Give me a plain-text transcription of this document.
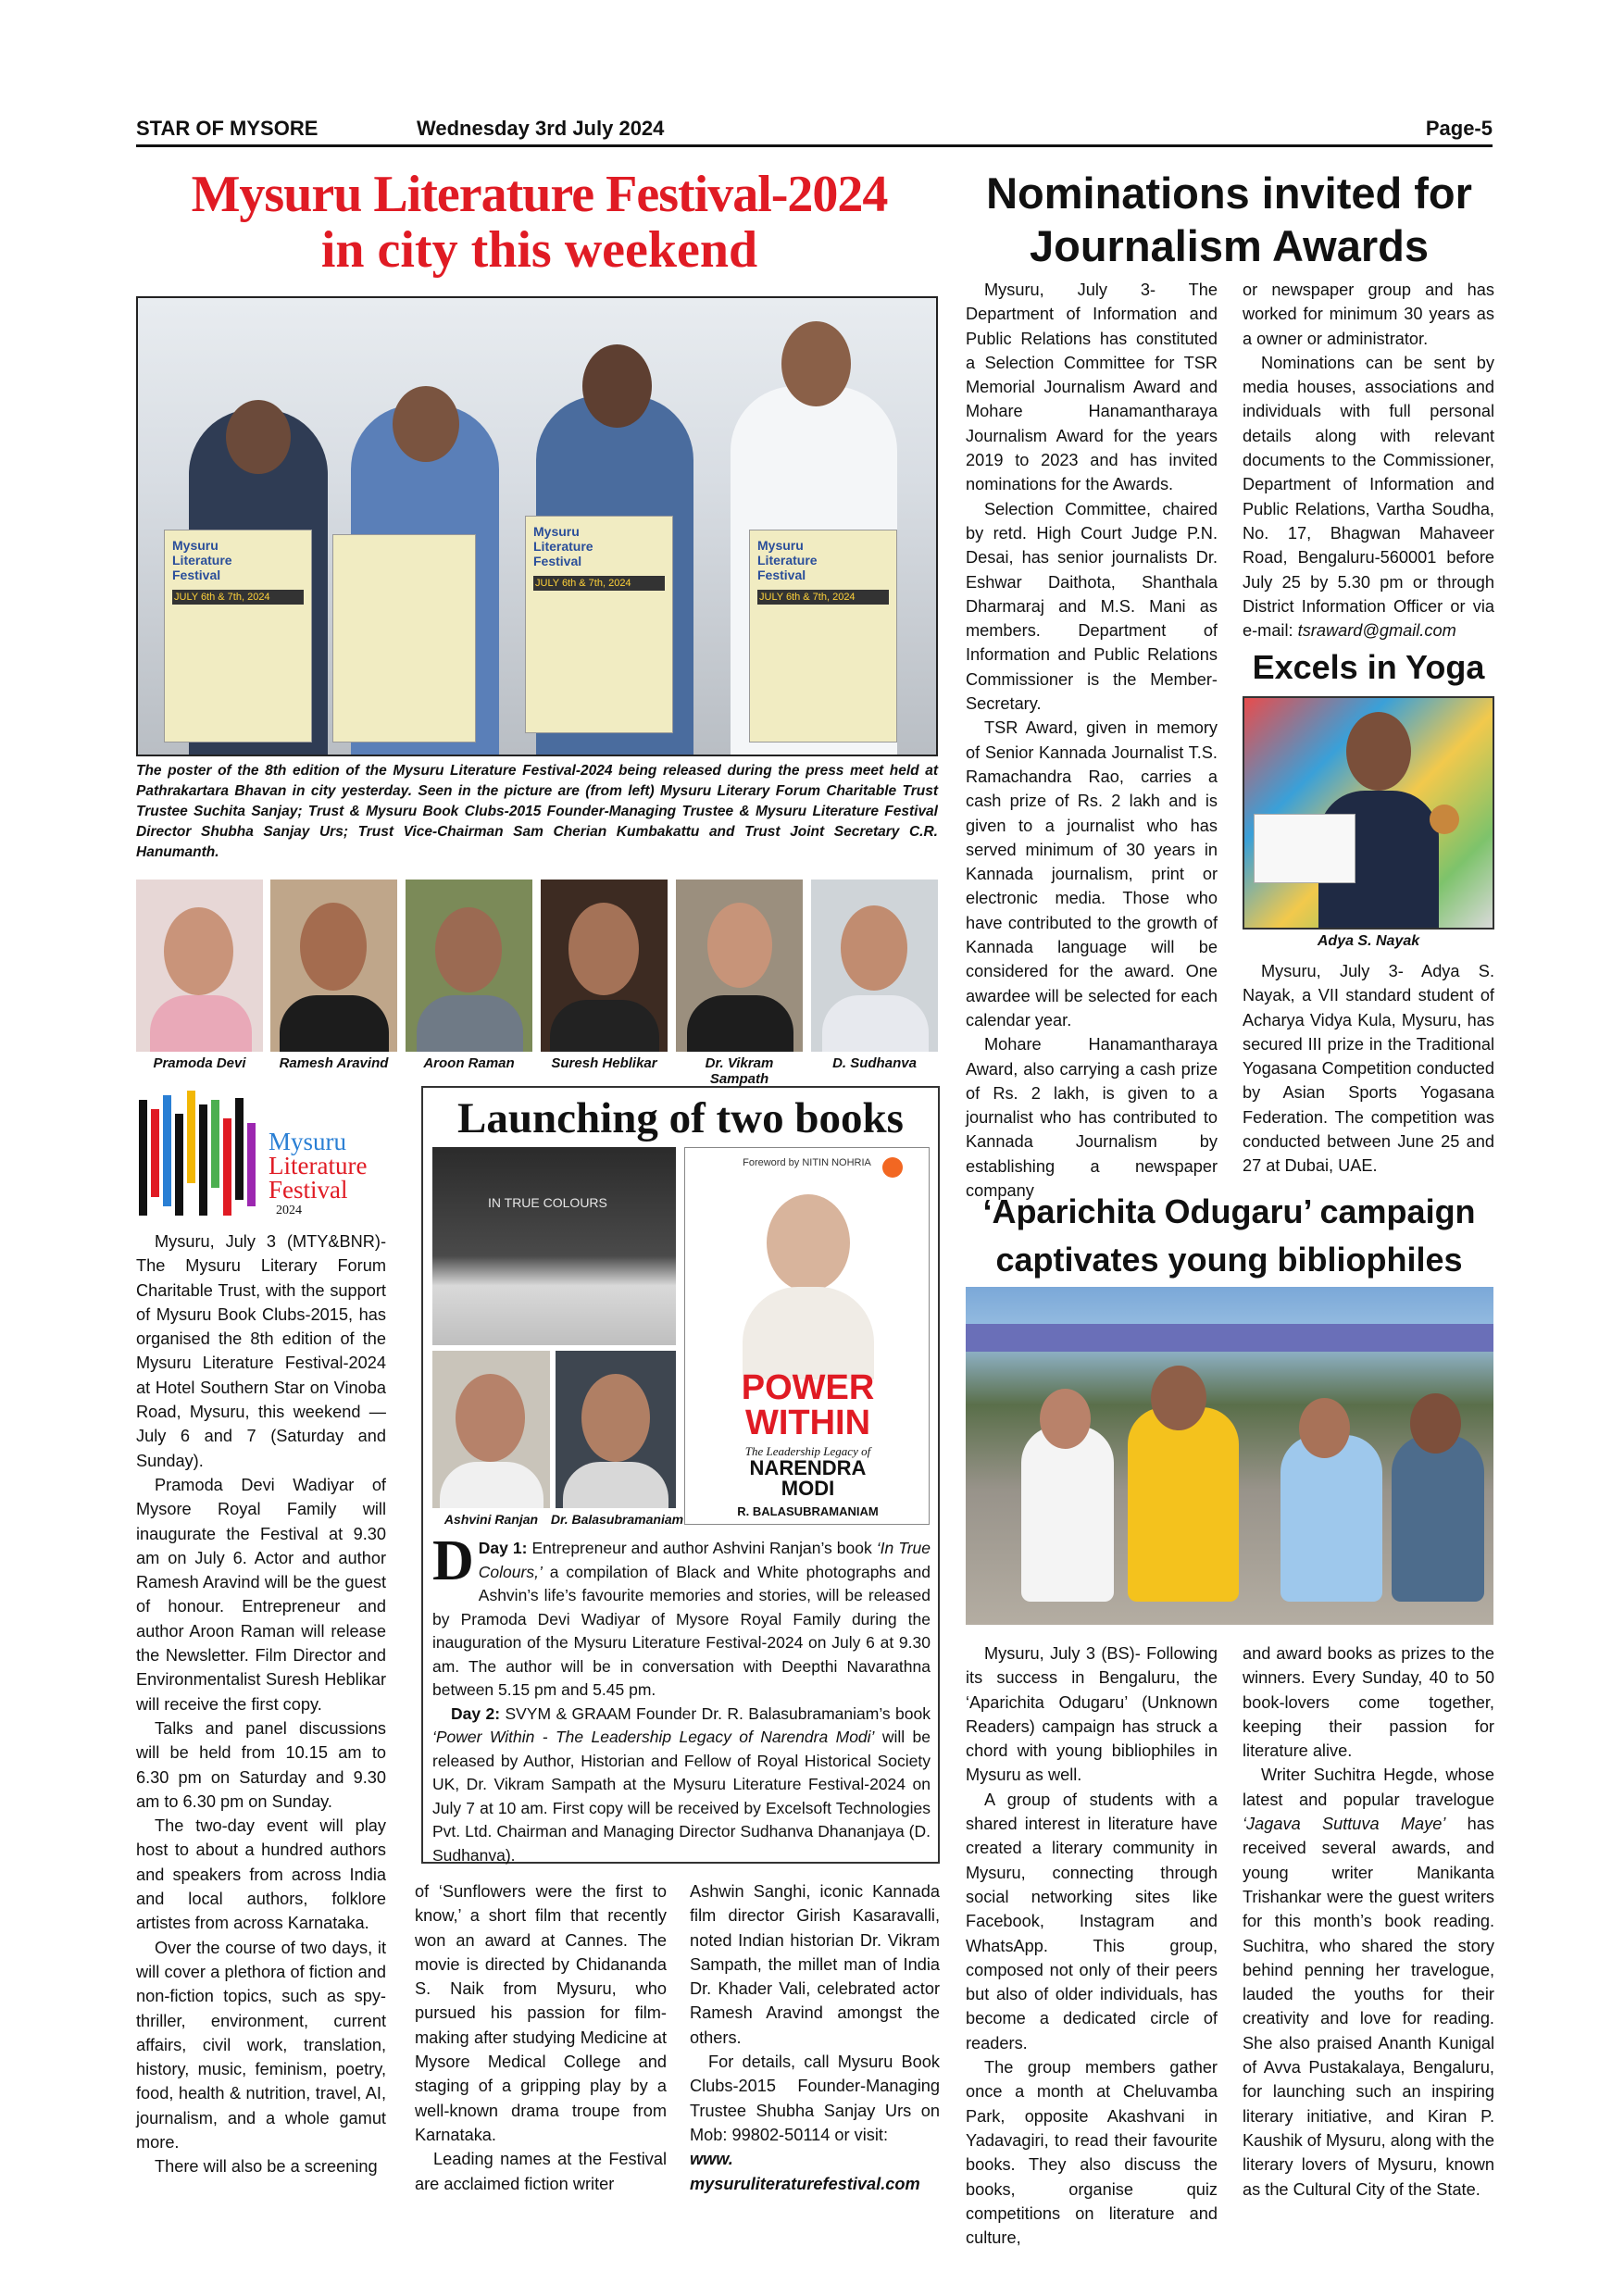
STAR OF MYSORE	Wednesday 3rd July 2024	Page-5
Mysuru Literature Festival-2024
in city this weekend
Mysuru
Literature
Festival
JULY 6th & 7th, 2024
Mysuru
Literature
Festival
JULY 6th & 7th, 2024
Mysuru
Literature
Festival
JULY 6th & 7th, 2024
The poster of the 8th edition of the Mysuru Literature Festival-2024 being released during the press meet held at Pathrakartara Bhavan in city yesterday. Seen in the picture are (from left) Mysuru Literary Forum Charitable Trust Trustee Suchita Sanjay; Trust & Mysuru Book Clubs-2015 Founder-Managing Trustee & Mysuru Literature Festival Director Shubha Sanjay Urs; Trust Vice-Chairman Sam Cherian Kumbakattu and Trust Joint Secretary C.R. Hanumanth.
Pramoda Devi	Ramesh Aravind	Aroon Raman	Suresh Heblikar	Dr. Vikram Sampath
D. Sudhanva
Mysuru
Literature
Festival
2024

Mysuru, July 3 (MTY&BNR)- The Mysuru Literary Forum Charitable Trust, with the support of Mysuru Book Clubs-2015, has organised the 8th edition of the Mysuru Literature Festival-2024 at Hotel Southern Star on Vinoba Road, Mysuru, this weekend — July 6 and 7 (Saturday and Sunday).

Pramoda Devi Wadiyar of Mysore Royal Family will inaugurate the Festival at 9.30 am on July 6. Actor and author Ramesh Aravind will be the guest of honour. Entrepreneur and author Aroon Raman will release the Newsletter. Film Director and Environmentalist Suresh Heblikar will receive the first copy.

Talks and panel discussions will be held from 10.15 am to 6.30 pm on Saturday and 9.30 am to 6.30 pm on Sunday.

The two-day event will play host to about a hundred authors and speakers from across India and local authors, folklore artistes from across Karnataka.

Over the course of two days, it will cover a plethora of fiction and non-fiction topics, such as spy-thriller, environment, current affairs, civil work, translation, history, music, feminism, poetry, food, health & nutrition, travel, AI, journalism, and a whole gamut more.

There will also be a screening

Launching of two books
IN TRUE COLOURS
Ashvini Ranjan Dr. Balasubramaniam
Foreword by NITIN NOHRIA
POWER
WITHIN
The Leadership Legacy of
NARENDRA
MODI
R. BALASUBRAMANIAM

D Day 1: Entrepreneur and author Ashvini Ranjan’s book ‘In True Colours,’ a compilation of Black and White photographs and Ashvin’s life’s favourite memories and stories, will be released by Pramoda Devi Wadiyar of Mysore Royal Family during the inauguration of the Mysuru Literature Festival-2024 on July 6 at 9.30 am. The author will be in conversation with Deepthi Navarathna between 5.15 pm and 5.45 pm.

Day 2: SVYM & GRAAM Founder Dr. R. Balasubramaniam’s book ‘Power Within - The Leadership Legacy of Narendra Modi’ will be released by Author, Historian and Fellow of Royal Historical Society UK, Dr. Vikram Sampath at the Mysuru Literature Festival-2024 on July 7 at 10 am. First copy will be received by Excelsoft Technologies Pvt. Ltd. Chairman and Managing Director Sudhanva Dhananjaya (D. Sudhanva).

of ‘Sunflowers were the first to know,’ a short film that recently won an award at Cannes. The movie is directed by Chidananda S. Naik from Mysuru, who pursued his passion for film-making after studying Medicine at Mysore Medical College and staging of a gripping play by a well-known drama troupe from Karnataka.

Leading names at the Festival are acclaimed fiction writer

Ashwin Sanghi, iconic Kannada film director Girish Kasaravalli, noted Indian historian Dr. Vikram Sampath, the millet man of India Dr. Khader Vali, celebrated actor Ramesh Aravind amongst the others.

For details, call Mysuru Book Clubs-2015 Founder-Managing Trustee Shubha Sanjay Urs on Mob: 99802-50114 or visit:

www. mysuruliteraturefestival.com

Nominations invited for
Journalism Awards

Mysuru, July 3- The Department of Information and Public Relations has constituted a Selection Committee for TSR Memorial Journalism Award and Mohare Hanamantharaya Journalism Award for the years 2019 to 2023 and has invited nominations for the Awards.

Selection Committee, chaired by retd. High Court Judge P.N. Desai, has senior journalists Dr. Eshwar Daithota, Shanthala Dharmaraj and M.S. Mani as members. Department of Information and Public Relations Commissioner is the Member-Secretary.

TSR Award, given in memory of Senior Kannada Journalist T.S. Ramachandra Rao, carries a cash prize of Rs. 2 lakh and is given to a journalist who has served minimum of 30 years in Kannada journalism, print or electronic media. Those who have contributed to the growth of Kannada language will be considered for the award. One awardee will be selected for each calendar year.

Mohare Hanamantharaya Award, also carrying a cash prize of Rs. 2 lakh, is given to a journalist who has contributed to Kannada Journalism by establishing a newspaper company

or newspaper group and has worked for minimum 30 years as a owner or administrator.

Nominations can be sent by media houses, associations and individuals with full personal details along with relevant documents to the Commissioner, Department of Information and Public Relations, Vartha Soudha, No. 17, Bhagwan Mahaveer Road, Bengaluru-560001 before July 25 by 5.30 pm or through District Information Officer or via e-mail: tsraward@gmail.com

Excels in Yoga
Adya S. Nayak
Mysuru, July 3- Adya S. Nayak, a VII standard student of Acharya Vidya Kula, Mysuru, has secured III prize in the Traditional Yogasana Competition conducted by Asian Sports Yogasana Federation. The competition was conducted between June 25 and 27 at Dubai, UAE.
‘Aparichita Odugaru’ campaign
captivates young bibliophiles

Mysuru, July 3 (BS)- Following its success in Bengaluru, the ‘Aparichita Odugaru’ (Unknown Readers) campaign has struck a chord with young bibliophiles in Mysuru as well.

A group of students with a shared interest in literature have created a literary community in Mysuru, connecting through social networking sites like Facebook, Instagram and WhatsApp. This group, composed not only of their peers but also of older individuals, has become a dedicated circle of readers.

The group members gather once a month at Cheluvamba Park, opposite Akashvani in Yadavagiri, to read their favourite books. They also discuss the books, organise quiz competitions on literature and culture,

and award books as prizes to the winners. Every Sunday, 40 to 50 book-lovers come together, keeping their passion for literature alive.

Writer Suchitra Hegde, whose latest and popular travelogue ‘Jagava Suttuva Maye’ has received several awards, and young writer Manikanta Trishankar were the guest writers for this month’s book reading. Suchitra, who shared the story behind penning her travelogue, lauded the youths for their creativity and love for reading. She also praised Ananth Kunigal of Avva Pustakalaya, Bengaluru, for launching such an inspiring literary initiative, and Kiran P. Kaushik of Mysuru, along with the literary lovers of Mysuru, known as the Cultural City of the State.
